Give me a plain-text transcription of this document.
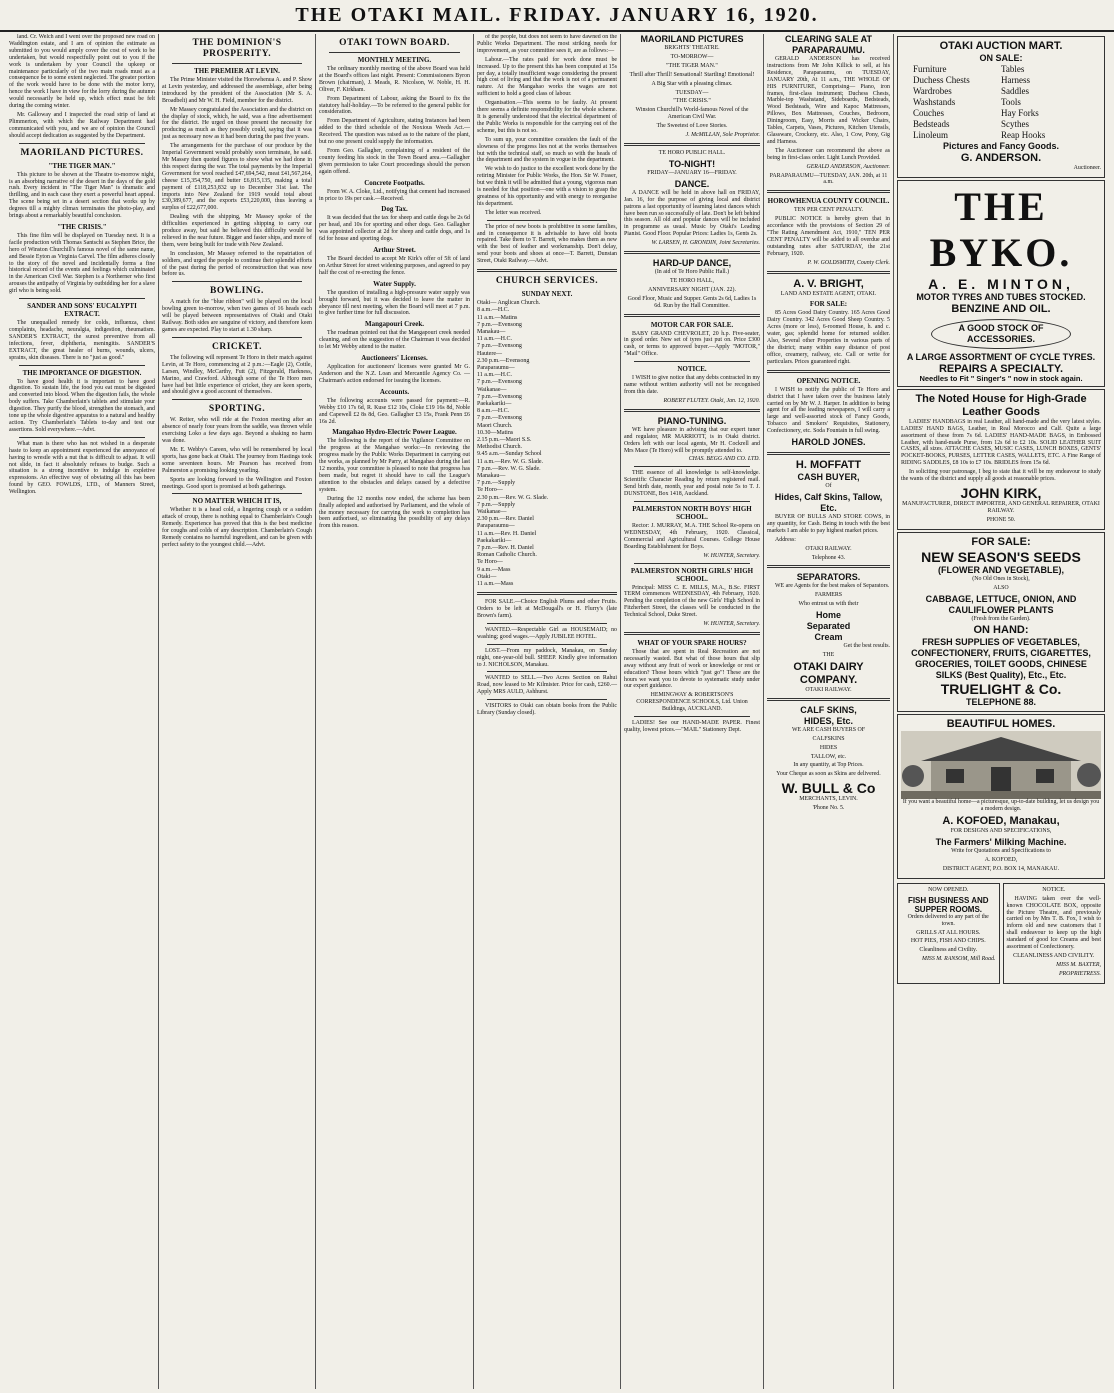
THE OTAKI MAIL. FRIDAY. JANUARY 16, 1920.

land. Cr. Welch and I went over the proposed new road on Waddington estate, and I am of opinion the estimate as submitted to you would amply cover the cost of work to be undertaken, but would respectfully point out to you if the work is undertaken by your Council the upkeep or maintenance particularly of the two main roads must as a consequence be to some extent neglected. The greater portion of the work would have to be done with the motor lorry, hence the work I have in view for the lorry during the autumn would necessarily be held up, which effect must be felt during the coming winter.

Mr. Galloway and I inspected the road strip of land at Plimmerton, with which the Railway Department had communicated with you, and we are of opinion the Council should accept dedication as suggested by the Department.

MAORILAND PICTURES.
"THE TIGER MAN."

This picture to be shown at the Theatre to-morrow night, is an absorbing narrative of the desert in the days of the gold rush. Every incident in "The Tiger Man" is dramatic and thrilling, and in each case they exert a powerful heart appeal. The scene being set in a desert section that works up by degrees till a mighty climax terminates the photo-play, and brings about a remarkably beautiful conclusion.

"THE CRISIS."

This fine film will be displayed on Tuesday next. It is a facile production with Thomas Santschi as Stephen Brice, the hero of Winston Churchill's famous novel of the same name, and Bessie Eyton as Virginia Carvel. The film adheres closely to the story of the novel and incidentally forms a fine historical record of the events and feelings which culminated in the American Civil War. Stephen is a Northerner who first arouses the antipathy of Virginia by outbidding her for a slave girl who is being sold.

SANDER AND SONS' EUCALYPTI EXTRACT.

The unequalled remedy for colds, influenza, chest complaints, headache, neuralgia, indigestion, rheumatism. SANDER'S EXTRACT, the surest preventive from all infections, fever, diphtheria, meningitis. SANDER'S EXTRACT, the great healer of burns, wounds, ulcers, sprains, skin diseases. There is no "just as good."

THE IMPORTANCE OF DIGESTION.

To have good health it is important to have good digestion. To sustain life, the food you eat must be digested and converted into blood. When the digestion fails, the whole body suffers. Take Chamberlain's tablets and stimulate your digestion. They purify the blood, strengthen the stomach, and tone up the whole digestive apparatus to a natural and healthy action. Try Chamberlain's Tablets to-day and test our assertions. Sold everywhere.—Advt.

What man is there who has not wished in a desperate haste to keep an appointment experienced the annoyance of having to wrestle with a nut that is difficult to adjust. It will not slide, in fact it absolutely refuses to budge. Such a situation is a strong incentive to indulge in expletive expressions. An effective way of obviating all this has been found by GEO. FOWLDS, LTD., of Manners Street, Wellington.

THE DOMINION'S PROSPERITY.
THE PREMIER AT LEVIN.

The Prime Minister visited the Horowhenua A. and P. Show at Levin yesterday, and addressed the assemblage, after being introduced by the president of the Association (Mr S. A. Broadbelt) and Mr W. H. Field, member for the district.

Mr Massey congratulated the Association and the district on the display of stock, which, he said, was a fine advertisement for the district. He urged on those present the necessity for producing as much as they possibly could, saying that it was just as necessary now as it had been during the past five years.

The arrangements for the purchase of our produce by the Imperial Government would probably soon terminate, he said. Mr Massey then quoted figures to show what we had done in this respect during the war. The total payments by the Imperial Government for wool reached £47,694,542, meat £41,567,264, cheese £15,354,750, and butter £6,815,135, making a total payment of £118,253,832 up to December 31st last. The imports into New Zealand for 1919 would total about £30,389,677, and the exports £53,220,000, thus leaving a surplus of £22,677,000.

Dealing with the shipping, Mr Massey spoke of the difficulties experienced in getting shipping to carry our produce away, but said he believed this difficulty would be relieved in the near future. Bigger and faster ships, and more of them, were being built for trade with New Zealand.

In conclusion, Mr Massey referred to the repatriation of soldiers, and urged the people to continue their splendid efforts of the past during the period of reconstruction that was now before us.

BOWLING.

A match for the "blue ribbon" will be played on the local bowling green to-morrow, when two games of 16 heads each will be played between representatives of Otaki and Otaki Railway. Both sides are sanguine of victory, and therefore keen games are expected. Play to start at 1.30 sharp.

CRICKET.

The following will represent Te Horo in their match against Levin, at Te Horo, commencing at 2 p.m.:—Eagle (2), Cottle, Larsen, Windley, McCarthy, Futt (2), Fitzgerald, Harkness, Marino, and Crawford. Although some of the Te Horo men have had but little experience of cricket, they are keen sports, and should give a good account of themselves.

SPORTING.

W. Reiter, who will ride at the Foxton meeting after an absence of nearly four years from the saddle, was thrown while exercising Loko a few days ago. Beyond a shaking no harm was done.

Mr. E. Webby's Careen, who will be remembered by local sports, has gone back at Otaki. The journey from Hastings took some seventeen hours. Mr Pearson has received from Palmerston a promising looking yearling.

Sports are looking forward to the Wellington and Foxton meetings. Good sport is promised at both gatherings.

NO MATTER WHICH IT IS,

Whether it is a head cold, a lingering cough or a sudden attack of croup, there is nothing equal to Chamberlain's Cough Remedy. Experience has proved that this is the best medicine for coughs and colds of any description. Chamberlain's Cough Remedy contains no harmful ingredient, and can be given with perfect safety to the youngest child.—Advt.

OTAKI TOWN BOARD.
MONTHLY MEETING.

The ordinary monthly meeting of the above Board was held at the Board's offices last night. Present: Commissioners Byron Brown (chairman), J. Meads, R. Nicolson, W. Noble, H. H. Oliver, F. Kirkham.

From Department of Labour, asking the Board to fix the statutory half-holiday.—To be referred to the general public for consideration.

From Department of Agriculture, stating Instances had been added to the third schedule of the Noxious Weeds Act.—Received. The question was raised as to the nature of the plant, but no one present could supply the information.

From Geo. Gallagher, complaining of a resident of the county feeding his stock in the Town Board area.—Gallagher given permission to take Court proceedings should the person again offend.

Concrete Footpaths.

From W. A. Cloke, Ltd., notifying that cement had increased in price to 19s per cask.—Received.

Dog Tax.

It was decided that the tax for sheep and cattle dogs be 2s 6d per head, and 10s for sporting and other dogs. Geo. Gallagher was appointed collector at 2d for sheep and cattle dogs, and 1s 6d for house and sporting dogs.

Arthur Street.

The Board decided to accept Mr Kirk's offer of 5ft of land on Arthur Street for street widening purposes, and agreed to pay half the cost of re-erecting the fence.

Water Supply.

The question of installing a high-pressure water supply was brought forward, but it was decided to leave the matter in abeyance till next meeting, when the Board will meet at 7 p.m. to give further time for full discussion.

Mangapouri Creek.

The roadman pointed out that the Mangapouri creek needed cleaning, and on the suggestion of the Chairman it was decided to let Mr Webby attend to the matter.

Auctioneers' Licenses.

Application for auctioneers' licenses were granted Mr G. Anderson and the N.Z. Loan and Mercantile Agency Co. — Chairman's action endorsed for issuing the licenses.

Accounts.

The following accounts were passed for payment:—R. Webby £10 17s 6d, R. Kuse £12 10s, Cloke £19 16s 8d, Noble and Capewell £2 8s 8d, Geo. Gallagher £3 15s, Frank Penn £6 16s 2d.

Mangahao Hydro-Electric Power League.

The following is the report of the Vigilance Committee on the progress at the Mangahao works:—In reviewing the progress made by the Public Works Department in carrying out the works, as planned by Mr Parry, at Mangahao during the last 12 months, your committee is pleased to note that progress has been made, but regret it should have to call the League's attention to the obstacles and delays caused by a defective system.

During the 12 months now ended, the scheme has been finally adopted and authorised by Parliament, and the whole of the money necessary for carrying the work to completion has been authorised, so eliminating the possibility of any delays from this reason.

of the people, but does not seem to have dawned on the Public Works Department. The most striking needs for improvement, as your committee sees it, are as follows:—

Labour.—The rates paid for work done must be increased. Up to the present this has been computed at 15s per day, a totally insufficient wage considering the present high cost of living and that the work is not of a permanent nature. At the Mangahao works the wages are not sufficient to hold a good class of labour.

Organisation.—This seems to be faulty. At present there seems a definite responsibility for the whole scheme. It is generally understood that the electrical department of the Public Works is responsible for the carrying out of the scheme, but this is not so.

To sum up, your committee considers the fault of the slowness of the progress lies not at the works themselves but with the technical staff, so much so with the heads of the department and the system in vogue in the department.

We wish to do justice to the excellent work done by the retiring Minister for Public Works, the Hon. Sir W. Fraser, but we think it will be admitted that a young, vigorous man is needed for that position—one with a vision to grasp the greatness of his opportunity and with energy to reorganise his department.

The letter was received.

The price of new boots is prohibitive in some families, and in consequence it is advisable to have old boots repaired. Take them to T. Barrett, who makes them as new with the best of leather and workmanship. Don't delay, send your boots and shoes at once—T. Barrett, Dunstan Street, Otaki Railway.—Advt.

CHURCH SERVICES.
SUNDAY NEXT.
Otaki— Anglican Church.
8 a.m.—H.C.
11 a.m.—Matins
7 p.m.—Evensong
Manakau—
11 a.m.—H.C.
7 p.m.—Evensong
Hautere—
2.30 p.m.—Evensong
Paraparaumu—
11 a.m.—H.C.
7 p.m.—Evensong
Waikanae—
7 p.m.—Evensong
Paekakariki—
8 a.m.—H.C.
7 p.m.—Evensong
Maori Church.
10.30—Matins
2.15 p.m.—Maori S.S.
Methodist Church.
9.45 a.m.—Sunday School
11 a.m.—Rev. W. G. Slade.
7 p.m.—Rev. W. G. Slade.
Manakau—
7 p.m.—Supply
Te Horo—
2.30 p.m.—Rev. W. G. Slade.
7 p.m.—Supply
Waikanae—
2.30 p.m.—Rev. Daniel
Paraparaumu—
11 a.m.—Rev. H. Daniel
Paekakariki—
7 p.m.—Rev. H. Daniel
Roman Catholic Church.
Te Horo—
9 a.m.—Mass
Otaki—
11 a.m.—Mass

FOR SALE.—Choice English Plums and other Fruits. Orders to be left at McDougall's or H. Flurry's (late Brown's farm).

WANTED.—Respectable Girl as HOUSEMAID; no washing; good wages.—Apply JUBILEE HOTEL.

LOST.—From my paddock, Manakau, on Sunday night, one-year-old bull. SHEEP. Kindly give information to J. NICHOLSON, Manakau.

WANTED to SELL.—Two Acres Section on Rahui Road, now leased to Mr Kilmister. Price for cash, £260.—Apply MRS AULD, Ashhurst.

VISITORS to Otaki can obtain books from the Public Library (Sunday closed).

MAORILAND PICTURES

BRIGHTS' THEATRE.

TO-MORROW—

"THE TIGER MAN."

Thrill after Thrill! Sensational! Startling! Emotional!

A Big Star with a pleasing climax.

TUESDAY—

"THE CRISIS."

Winston Churchill's World-famous Novel of the American Civil War.

The Sweetest of Love Stories.

J. McMILLAN, Sole Proprietor.

TE HORO PUBLIC HALL.

TO-NIGHT!

FRIDAY—JANUARY 16—FRIDAY.

DANCE.

A DANCE will be held in above hall on FRIDAY, Jan. 16, for the purpose of giving local and district patrons a last opportunity of learning latest dances which have been run so successfully of late. Don't be left behind this season. All old and popular dances will be included in programme as usual. Music by Otaki's Leading Pianist. Good Floor. Popular Prices: Ladies 1s, Gents 2s.

W. LARSEN, H. GRONDIN, Joint Secretaries.

HARD-UP DANCE,

(In aid of Te Horo Public Hall.)

TE HORO HALL,

ANNIVERSARY NIGHT (JAN. 22).

Good Floor, Music and Supper. Gents 2s 6d, Ladies 1s 6d. Run by the Hall Committee.

MOTOR CAR FOR SALE.

BABY GRAND CHEVROLET, 20 h.p. Five-seater, in good order. New set of tyres just put on. Price £300 cash, or terms to approved buyer.—Apply "MOTOR," "Mail" Office.

NOTICE.

I WISH to give notice that any debts contracted in my name without written authority will not be recognised from this date.

ROBERT FLUTEY. Otaki, Jan. 12, 1920.

PIANO-TUNING.

WE have pleasure in advising that our expert tuner and regulator, MR MARRIOTT, is in Otaki district. Orders left with our local agents, Mr H. Cockrell and Mrs Mace (Te Horo) will be promptly attended to.

CHAS. BEGG AND CO. LTD.

THE essence of all knowledge is self-knowledge. Scientific Character Reading by return registered mail. Send birth date, month, year and postal note 5s to T. J. DUNSTONE, Box 1418, Auckland.

PALMERSTON NORTH BOYS' HIGH SCHOOL.

Rector: J. MURRAY, M.A. THE School Re-opens on WEDNESDAY, 4th February, 1920. Classical, Commercial and Agricultural Courses. College House Boarding Establishment for Boys.

W. HUNTER, Secretary.

PALMERSTON NORTH GIRLS' HIGH SCHOOL.

Principal: MISS C. E. MILLS, M.A., B.Sc. FIRST TERM commences WEDNESDAY, 4th February, 1920. Pending the completion of the new Girls' High School in Fitzherbert Street, the classes will be conducted in the Technical School, Duke Street.

W. HUNTER, Secretary.

WHAT OF YOUR SPARE HOURS?

Those that are spent in Real Recreation are not necessarily wasted. But what of those hours that slip away without any fruit of work or knowledge or rest or education? Those hours which "just go"! These are the hours we want you to devote to systematic study under our expert guidance.

HEMINGWAY & ROBERTSON'S CORRESPONDENCE SCHOOLS, Ltd. Union Buildings, AUCKLAND.

LADIES! See our HAND-MADE PAPER. Finest quality, lowest prices.—"MAIL" Stationery Dept.

CLEARING SALE AT PARAPARAUMU.

GERALD ANDERSON has received instructions from Mr John Killick to sell, at his Residence, Paraparaumu, on TUESDAY, JANUARY 20th, At 11 a.m., THE WHOLE OF HIS FURNITURE, Comprising— Piano, iron frames, first-class instrument; Duchess Chests, Marble-top Washstand, Sideboards, Bedsteads, Wood Bedsteads, Wire and Kapoc Mattresses, Pillows, Box Mattresses, Couches, Bedroom, Diningroom, Easy, Morris and Wicker Chairs, Tables, Carpets, Vases, Pictures, Kitchen Utensils, Glassware, Crockery, etc. Also, 1 Cow, Pony, Gig and Harness.

The Auctioneer can recommend the above as being in first-class order. Light Lunch Provided.

GERALD ANDERSON, Auctioneer.

PARAPARAUMU—TUESDAY, JAN. 20th, at 11 a.m.

HOROWHENUA COUNTY COUNCIL.

TEN PER CENT PENALTY.

PUBLIC NOTICE is hereby given that in accordance with the provisions of Section 29 of "The Rating Amendment Act, 1910," TEN PER CENT PENALTY will be added to all overdue and outstanding rates after SATURDAY, the 21st February, 1920.

P. W. GOLDSMITH, County Clerk.

A. V. BRIGHT,

LAND AND ESTATE AGENT, OTAKI.

FOR SALE:

85 Acres Good Dairy Country. 165 Acres Good Dairy Country. 342 Acres Good Sheep Country. 5 Acres (more or less), 6-roomed House, h. and c. water, gas; splendid home for returned soldier. Also, Several other Properties in various parts of the district; many within easy distance of post office, creamery, railway, etc. Call or write for particulars. Prices guaranteed right.

OPENING NOTICE.

I WISH to notify the public of Te Horo and district that I have taken over the business lately carried on by Mr W. J. Harper. In addition to being agent for all the leading newspapers, I will carry a large and well-assorted stock of Fancy Goods, Tobacco and Smokers' Requisites, Stationery, Confectionery, etc. Soda Fountain in full swing.

HAROLD JONES.
H. MOFFATT
CASH BUYER,

Of

Hides, Calf Skins, Tallow, Etc.

BUYER OF BULLS AND STORE COWS, in any quantity, for Cash. Being in touch with the best markets I am able to pay highest market prices.

Address:

OTAKI RAILWAY.

Telephone 43.

SEPARATORS.

WE are Agents for the best makes of Separators.

FARMERS

Who entrust us with their

Home
Separated
Cream

Get the best results.

THE

OTAKI DAIRY COMPANY.

OTAKI RAILWAY.

CALF SKINS,
HIDES, Etc.

WE ARE CASH BUYERS OF

CALFSKINS

HIDES

TALLOW, etc.

In any quantity, at Top Prices.

Your Cheque as soon as Skins are delivered.

W. BULL & Co

MERCHANTS, LEVIN.

'Phone No. 5.

OTAKI AUCTION MART.
ON SALE:
Furniture
Duchess Chests
Wardrobes
Washstands
Couches
Bedsteads
Linoleum
Tables
Harness
Saddles
Tools
Hay Forks
Scythes
Reap Hooks
Pictures and Fancy Goods.
G. ANDERSON.

Auctioneer.

THE BYKO.
A. E. MINTON,
MOTOR TYRES AND TUBES STOCKED.
BENZINE AND OIL.
A GOOD STOCK OF ACCESSORIES.
A LARGE ASSORTMENT OF CYCLE TYRES.
REPAIRS A SPECIALTY.
Needles to Fit " Singer's " now in stock again.
The Noted House for High-Grade Leather Goods

LADIES' HANDBAGS in real Leather, all hand-made and the very latest styles. LADIES' HAND BAGS, Leather, in Real Morocco and Calf. Quite a large assortment of these from 7s 6d. LADIES' HAND-MADE BAGS, in Embossed Leather, with hand-made Purse, from 12s 6d to £2 10s. SOLID LEATHER SUIT CASES, all sizes. ATTACHE CASES, MUSIC CASES, LUNCH BOXES, GENTS' POCKET-BOOKS, PURSES, LETTER CASES, WALLETS, ETC. A Fine Range of RIDING SADDLES, £8 10s to £7 10s. BRIDLES from 15s 6d.

In soliciting your patronage, I beg to state that it will be my endeavour to study the wants of the district and supply all goods at reasonable prices.

JOHN KIRK,

MANUFACTURER, DIRECT IMPORTER, AND GENERAL REPAIRER, OTAKI RAILWAY.

PHONE 50.

FOR SALE:
NEW SEASON'S SEEDS
(FLOWER AND VEGETABLE),

(No Old Ones in Stock),

ALSO

CABBAGE, LETTUCE, ONION, AND CAULIFLOWER PLANTS

(Fresh from the Garden).

ON HAND:
FRESH SUPPLIES OF VEGETABLES, CONFECTIONERY, FRUITS, CIGARETTES, GROCERIES, TOILET GOODS, CHINESE SILKS (Best Quality), Etc., Etc.
TRUELIGHT & Co.
TELEPHONE 88.
BEAUTIFUL HOMES.

If you want a beautiful home—a picturesque, up-to-date building, let us design you a modern design.

A. KOFOED, Manakau,

FOR DESIGNS AND SPECIFICATIONS,

The Farmers' Milking Machine.

Write for Quotations and Specifications to

A. KOFOED,

DISTRICT AGENT, P.O. BOX 14, MANAKAU.

NOW OPENED.

FISH BUSINESS AND SUPPER ROOMS.

Orders delivered to any part of the town.

GRILLS AT ALL HOURS.

HOT PIES, FISH AND CHIPS.

Cleanliness and Civility.

MISS M. RANSOM, Mill Road.

NOTICE.

HAVING taken over the well-known CHOCOLATE BOX, opposite the Picture Theatre, and previously carried on by Mrs T. B. Fox, I wish to inform old and new customers that I shall endeavour to keep up the high standard of good Ice Creams and best assortment of Confectionery.

CLEANLINESS AND CIVILITY.

MISS M. BAXTER,

PROPRIETRESS.
